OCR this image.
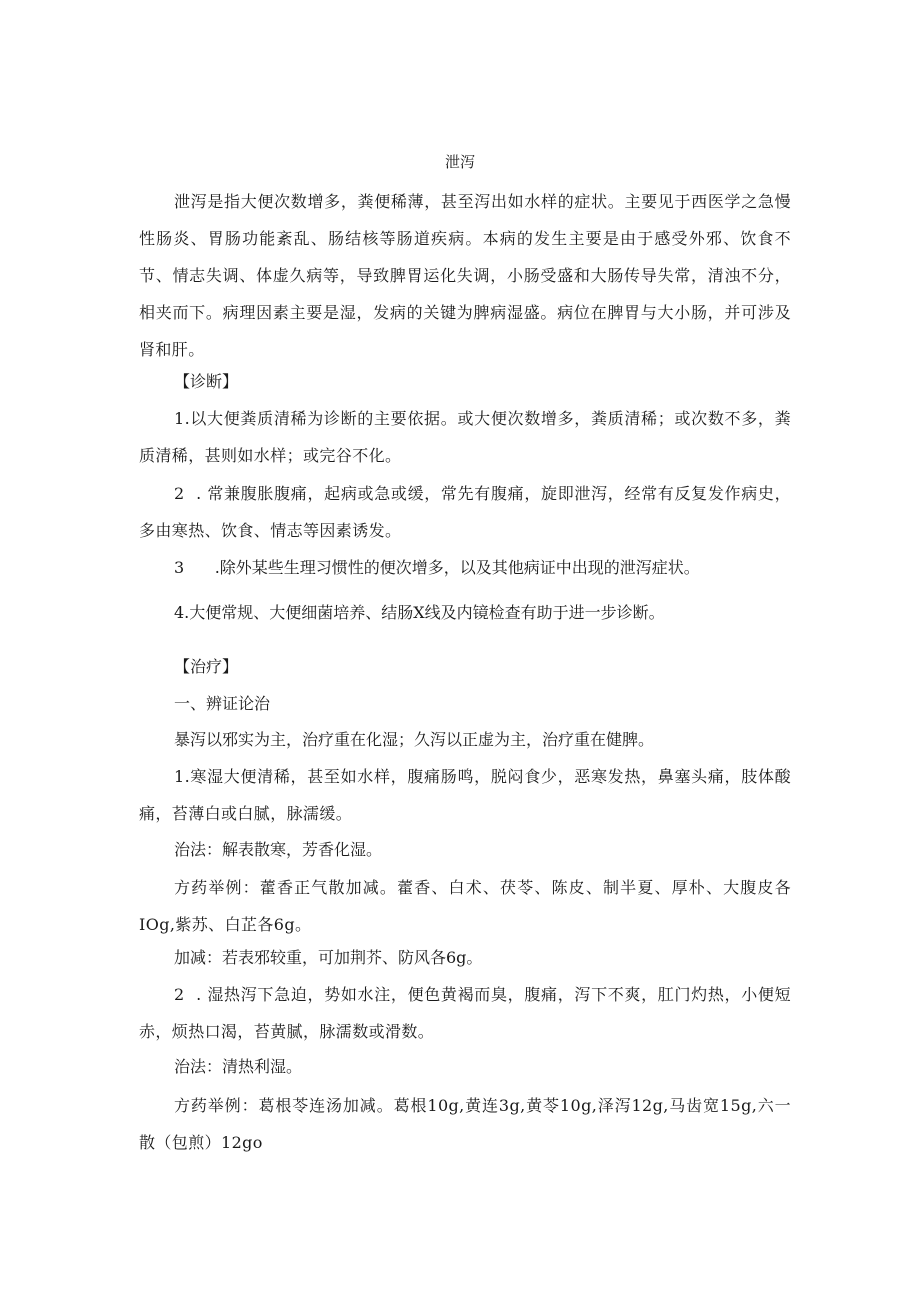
泄泻
泄泻是指大便次数增多，粪便稀薄，甚至泻出如水样的症状。主要见于西医学之急慢性肠炎、胃肠功能紊乱、肠结核等肠道疾病。本病的发生主要是由于感受外邪、饮食不节、情志失调、体虚久病等，导致脾胃运化失调，小肠受盛和大肠传导失常，清浊不分，相夹而下。病理因素主要是湿，发病的关键为脾病湿盛。病位在脾胃与大小肠，并可涉及肾和肝。
【诊断】
1.以大便粪质清稀为诊断的主要依据。或大便次数增多，粪质清稀；或次数不多，粪质清稀，甚则如水样；或完谷不化。
2  . 常兼腹胀腹痛，起病或急或缓，常先有腹痛，旋即泄泻，经常有反复发作病史，多由寒热、饮食、情志等因素诱发。
3      .除外某些生理习惯性的便次增多，以及其他病证中出现的泄泻症状。
4.大便常规、大便细菌培养、结肠X线及内镜检查有助于进一步诊断。
【治疗】
一、辨证论治
暴泻以邪实为主，治疗重在化湿；久泻以正虚为主，治疗重在健脾。
1.寒湿大便清稀，甚至如水样，腹痛肠鸣，脱闷食少，恶寒发热，鼻塞头痛，肢体酸痛，苔薄白或白腻，脉濡缓。
治法：解表散寒，芳香化湿。
方药举例：藿香正气散加减。藿香、白术、茯苓、陈皮、制半夏、厚朴、大腹皮各IOg,紫苏、白芷各6g。
加减：若表邪较重，可加荆芥、防风各6g。
2  . 湿热泻下急迫，势如水注，便色黄褐而臭，腹痛，泻下不爽，肛门灼热，小便短赤，烦热口渴，苔黄腻，脉濡数或滑数。
治法：清热利湿。
方药举例：葛根苓连汤加减。葛根10g,黄连3g,黄苓10g,泽泻12g,马齿宽15g,六一散（包煎）12go
